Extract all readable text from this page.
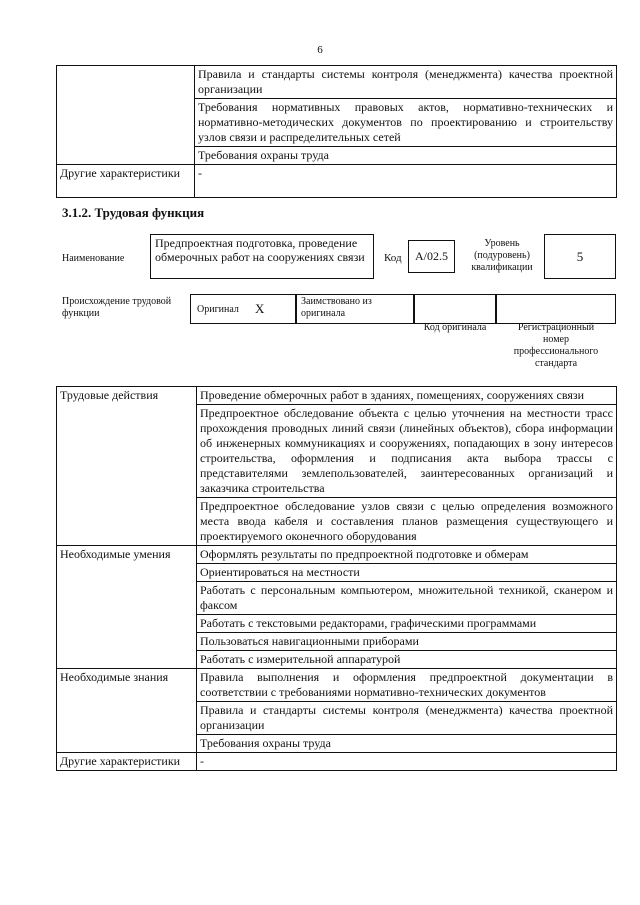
6
	Правила и стандарты системы контроля (менеджмента) качества проектной организации
	Требования нормативных правовых актов, нормативно-технических и нормативно-методических документов по проектированию и строительству узлов связи и распределительных сетей
	Требования охраны труда
Другие характеристики	-
3.1.2. Трудовая функция
Наименование
Предпроектная подготовка, проведение обмерочных работ на сооружениях связи	Код	A/02.5
Уровень (подуровень) квалификации
5
Происхождение трудовой функции	Оригинал X	Заимствовано из оригинала
Код оригинала	Регистрационный номер профессионального стандарта
Трудовые действия	Проведение обмерочных работ в зданиях, помещениях, сооружениях связи
	Предпроектное обследование объекта с целью уточнения на местности трасс прохождения проводных линий связи (линейных объектов), сбора информации об инженерных коммуникациях и сооружениях, попадающих в зону интересов строительства, оформления и подписания акта выбора трассы с представителями землепользователей, заинтересованных организаций и заказчика строительства
	Предпроектное обследование узлов связи с целью определения возможного места ввода кабеля и составления планов размещения существующего и проектируемого оконечного оборудования
Необходимые умения	Оформлять результаты по предпроектной подготовке и обмерам
	Ориентироваться на местности
	Работать с персональным компьютером, множительной техникой, сканером и факсом
	Работать с текстовыми редакторами, графическими программами
	Пользоваться навигационными приборами
	Работать с измерительной аппаратурой
Необходимые знания	Правила выполнения и оформления предпроектной документации в соответствии с требованиями нормативно-технических документов
	Правила и стандарты системы контроля (менеджмента) качества проектной организации
	Требования охраны труда
Другие характеристики	-
